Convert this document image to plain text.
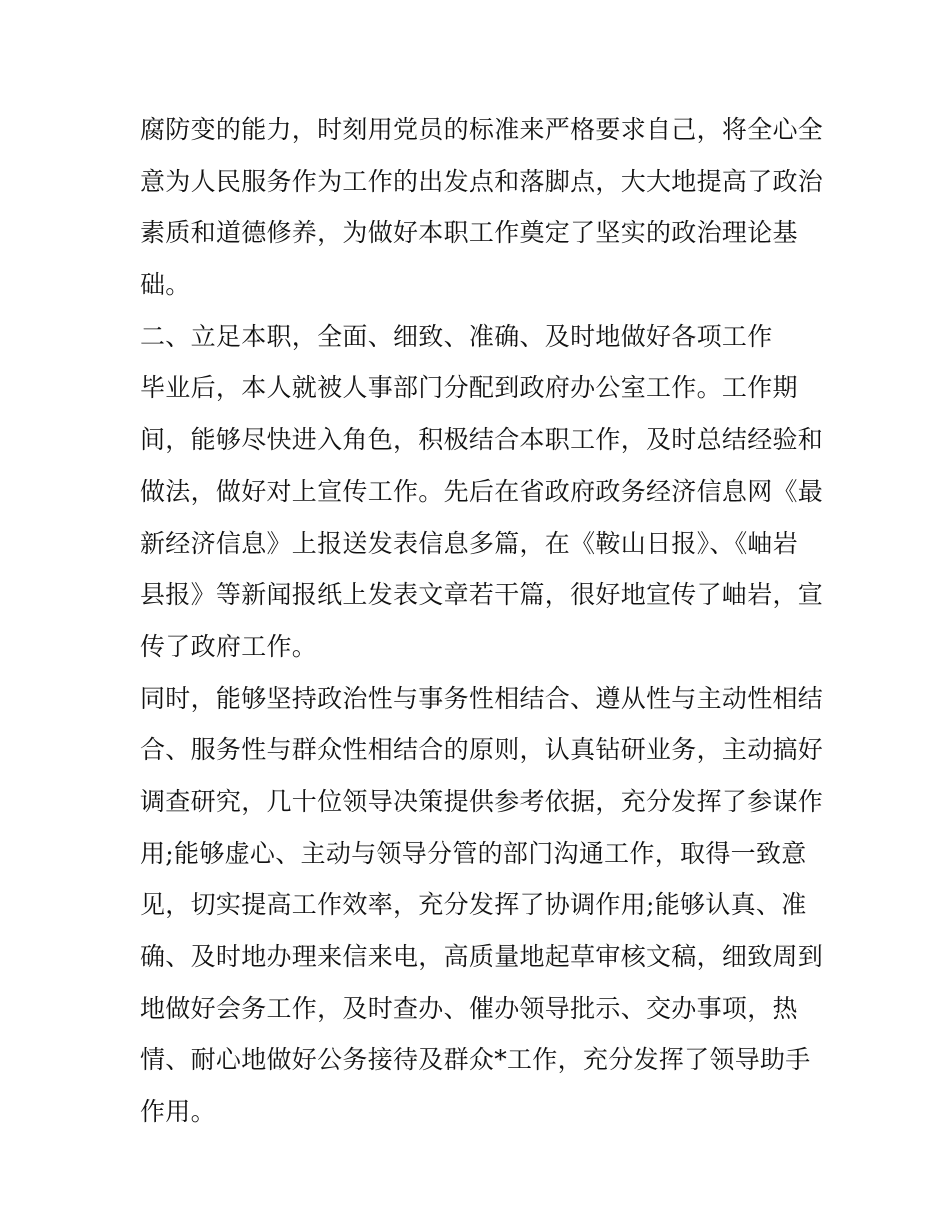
腐防变的能力，时刻用党员的标准来严格要求自己，将全心全
意为人民服务作为工作的出发点和落脚点，大大地提高了政治
素质和道德修养，为做好本职工作奠定了坚实的政治理论基
础。
二、立足本职，全面、细致、准确、及时地做好各项工作
毕业后，本人就被人事部门分配到政府办公室工作。工作期
间，能够尽快进入角色，积极结合本职工作，及时总结经验和
做法，做好对上宣传工作。先后在省政府政务经济信息网《最
新经济信息》上报送发表信息多篇，在《鞍山日报》、《岫岩
县报》等新闻报纸上发表文章若干篇，很好地宣传了岫岩，宣
传了政府工作。
同时，能够坚持政治性与事务性相结合、遵从性与主动性相结
合、服务性与群众性相结合的原则，认真钻研业务，主动搞好
调查研究，几十位领导决策提供参考依据，充分发挥了参谋作
用;能够虚心、主动与领导分管的部门沟通工作，取得一致意
见，切实提高工作效率，充分发挥了协调作用;能够认真、准
确、及时地办理来信来电，高质量地起草审核文稿，细致周到
地做好会务工作，及时查办、催办领导批示、交办事项，热
情、耐心地做好公务接待及群众*工作，充分发挥了领导助手
作用。
